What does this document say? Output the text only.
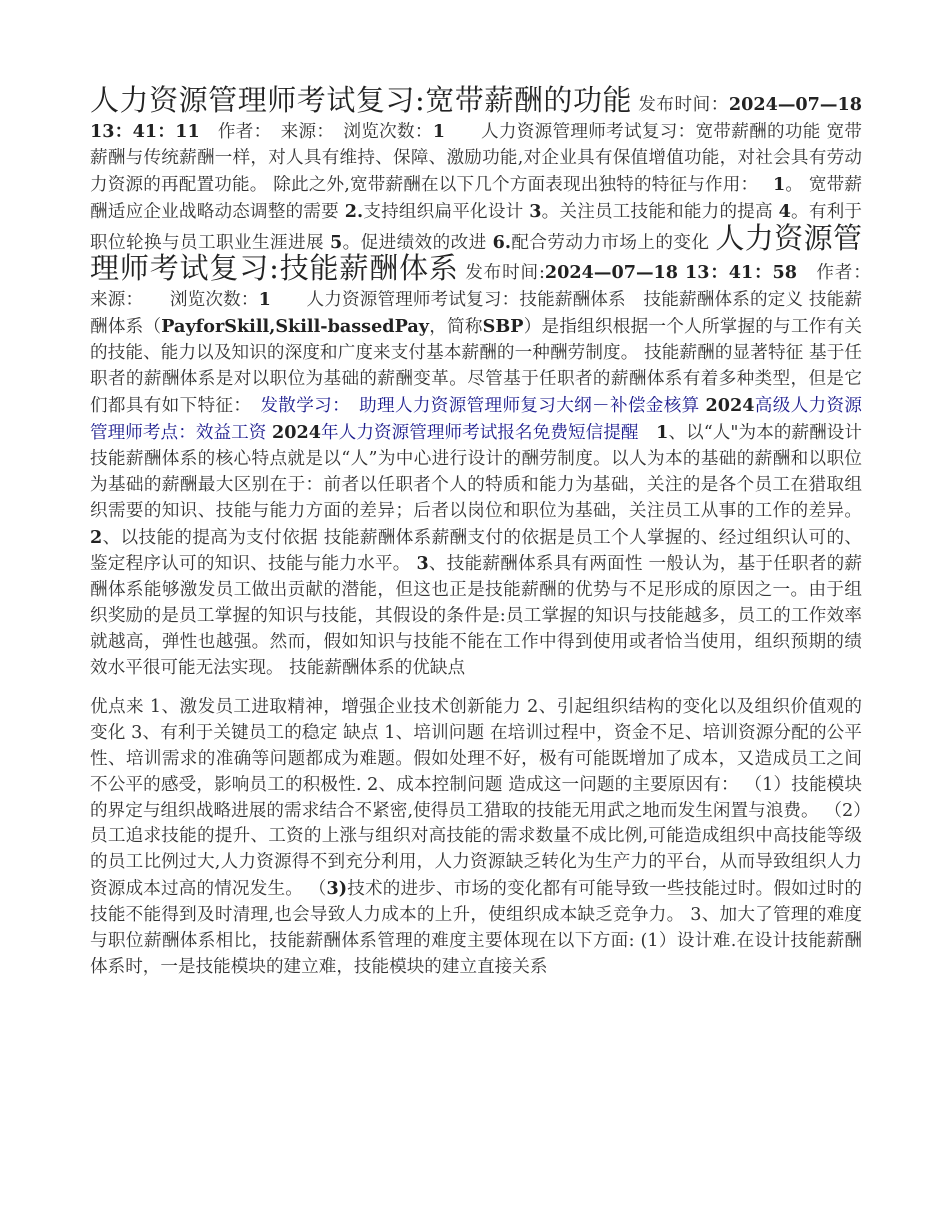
人力资源管理师考试复习:宽带薪酬的功能 发布时间：2024—07—18 13：41：11　 作者：　 来源：　 浏览次数：1　　 人力资源管理师考试复习：宽带薪酬的功能 宽带薪酬与传统薪酬一样，对人具有维持、保障、激励功能,对企业具有保值增值功能，对社会具有劳动力资源的再配置功能。 除此之外,宽带薪酬在以下几个方面表现出独特的特征与作用：　 1。 宽带薪酬适应企业战略动态调整的需要 2.支持组织扁平化设计 3。关注员工技能和能力的提高 4。有利于职位轮换与员工职业生涯进展 5。促进绩效的改进 6.配合劳动力市场上的变化 人力资源管理师考试复习:技能薪酬体系 发布时间:2024—07—18 13：41：58　 作者：　来源：　　 浏览次数：1　　 人力资源管理师考试复习：技能薪酬体系　技能薪酬体系的定义 技能薪酬体系（PayforSkill,Skill-bassedPay，简称SBP）是指组织根据一个人所掌握的与工作有关的技能、能力以及知识的深度和广度来支付基本薪酬的一种酬劳制度。 技能薪酬的显著特征 基于任职者的薪酬体系是对以职位为基础的薪酬变革。尽管基于任职者的薪酬体系有着多种类型，但是它们都具有如下特征：　 发散学习：　 助理人力资源管理师复习大纲－补偿金核算 2024高级人力资源管理师考点：效益工资 2024年人力资源管理师考试报名免费短信提醒　 1、以“人"为本的薪酬设计 技能薪酬体系的核心特点就是以“人”为中心进行设计的酬劳制度。以人为本的基础的薪酬和以职位为基础的薪酬最大区别在于：前者以任职者个人的特质和能力为基础，关注的是各个员工在猎取组织需要的知识、技能与能力方面的差异；后者以岗位和职位为基础，关注员工从事的工作的差异。 2、以技能的提高为支付依据 技能薪酬体系薪酬支付的依据是员工个人掌握的、经过组织认可的、鉴定程序认可的知识、技能与能力水平。 3、技能薪酬体系具有两面性 一般认为，基于任职者的薪酬体系能够激发员工做出贡献的潜能，但这也正是技能薪酬的优势与不足形成的原因之一。由于组织奖励的是员工掌握的知识与技能，其假设的条件是:员工掌握的知识与技能越多，员工的工作效率就越高，弹性也越强。然而，假如知识与技能不能在工作中得到使用或者恰当使用，组织预期的绩效水平很可能无法实现。 技能薪酬体系的优缺点

优点来 1、激发员工进取精神，增强企业技术创新能力 2、引起组织结构的变化以及组织价值观的变化 3、有利于关键员工的稳定 缺点 1、培训问题 在培训过程中，资金不足、培训资源分配的公平性、培训需求的准确等问题都成为难题。假如处理不好，极有可能既增加了成本，又造成员工之间不公平的感受，影响员工的积极性. 2、成本控制问题 造成这一问题的主要原因有： （1）技能模块的界定与组织战略进展的需求结合不紧密,使得员工猎取的技能无用武之地而发生闲置与浪费。 （2）员工追求技能的提升、工资的上涨与组织对高技能的需求数量不成比例,可能造成组织中高技能等级的员工比例过大,人力资源得不到充分利用，人力资源缺乏转化为生产力的平台，从而导致组织人力资源成本过高的情况发生。 （3)技术的进步、市场的变化都有可能导致一些技能过时。假如过时的技能不能得到及时清理,也会导致人力成本的上升，使组织成本缺乏竞争力。 3、加大了管理的难度 与职位薪酬体系相比，技能薪酬体系管理的难度主要体现在以下方面: (1）设计难.在设计技能薪酬体系时，一是技能模块的建立难，技能模块的建立直接关系
